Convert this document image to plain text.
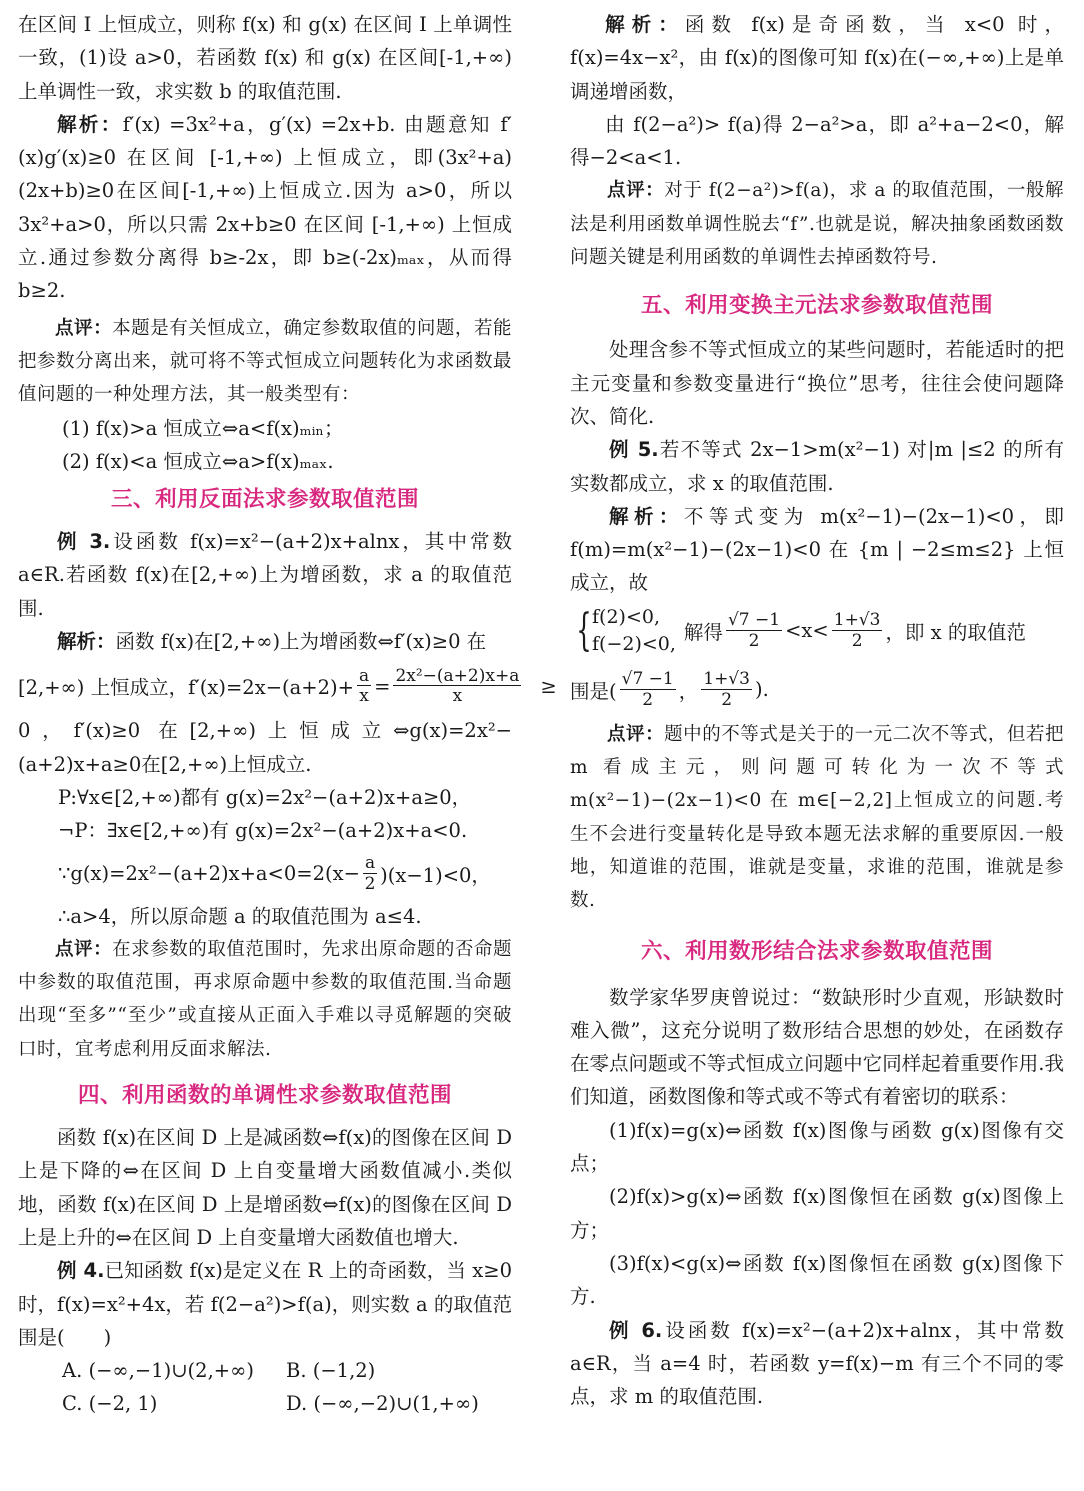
在区间 I 上恒成立，则称 f(x) 和 g(x) 在区间 I 上单调性一致，(1)设 a>0，若函数 f(x) 和 g(x) 在区间[-1,+∞)上单调性一致，求实数 b 的取值范围.

解析：f′(x) =3x²+a，g′(x) =2x+b. 由题意知 f′(x)g′(x)≥0 在区间 [-1,+∞) 上恒成立，即(3x²+a)(2x+b)≥0在区间[-1,+∞)上恒成立.因为 a>0，所以 3x²+a>0，所以只需 2x+b≥0 在区间 [-1,+∞) 上恒成立.通过参数分离得 b≥-2x，即 b≥(-2x)ₘₐₓ，从而得 b≥2.

点评：本题是有关恒成立，确定参数取值的问题，若能把参数分离出来，就可将不等式恒成立问题转化为求函数最值问题的一种处理方法，其一般类型有：

(1) f(x)>a 恒成立⇔a<f(x)ₘᵢₙ；

(2) f(x)<a 恒成立⇔a>f(x)ₘₐₓ.

三、利用反面法求参数取值范围

例 3.设函数 f(x)=x²−(a+2)x+alnx，其中常数 a∈R.若函数 f(x)在[2,+∞)上为增函数，求 a 的取值范围.

解析：函数 f(x)在[2,+∞)上为增函数⇔f′(x)≥0 在

[2,+∞) 上恒成立，$f'(x)=2x-(a+2)+ \frac{a}{x} = \frac{\text{2x²−(a+2)x+a}}{x}$ ≥

0，f′(x)≥0 在[2,+∞)上恒成立⇔g(x)=2x²−(a+2)x+a≥0在[2,+∞)上恒成立.

P:∀x∈[2,+∞)都有 g(x)=2x²−(a+2)x+a≥0，

¬P：∃x∈[2,+∞)有 g(x)=2x²−(a+2)x+a<0.

∵g(x)=2x²−(a+2)x+a<0=2(x− $\frac{a}{2} )(x-1)<0$，

∴a>4，所以原命题 a 的取值范围为 a≤4.

点评：在求参数的取值范围时，先求出原命题的否命题中参数的取值范围，再求原命题中参数的取值范围.当命题出现“至多”“至少”或直接从正面入手难以寻觅解题的突破口时，宜考虑利用反面求解法.

四、利用函数的单调性求参数取值范围

函数 f(x)在区间 D 上是减函数⇔f(x)的图像在区间 D 上是下降的⇔在区间 D 上自变量增大函数值减小.类似地，函数 f(x)在区间 D 上是增函数⇔f(x)的图像在区间 D 上是上升的⇔在区间 D 上自变量增大函数值也增大.

例 4.已知函数 f(x)是定义在 R 上的奇函数，当 x≥0 时，f(x)=x²+4x，若 f(2−a²)>f(a)，则实数 a 的取值范围是(　　)

A. (−∞,−1)∪(2,+∞)	B. (−1,2)
C. (−2, 1)	D. (−∞,−2)∪(1,+∞)

解析：函数 f(x)是奇函数，当 x<0 时，f(x)=4x−x²，由 f(x)的图像可知 f(x)在(−∞,+∞)上是单调递增函数，

由 f(2−a²)> f(a)得 2−a²>a，即 a²+a−2<0，解得−2<a<1.

点评：对于 f(2−a²)>f(a)，求 a 的取值范围，一般解法是利用函数单调性脱去“f”.也就是说，解决抽象函数函数问题关键是利用函数的单调性去掉函数符号.

五、利用变换主元法求参数取值范围

处理含参不等式恒成立的某些问题时，若能适时的把主元变量和参数变量进行“换位”思考，往往会使问题降次、简化.

例 5.若不等式 2x−1>m(x²−1) 对|m |≤2 的所有实数都成立，求 x 的取值范围.

解析：不等式变为 m(x²−1)−(2x−1)<0，即 f(m)=m(x²−1)−(2x−1)<0 在 {m | −2≤m≤2} 上恒成立，故

{ f(2)<0,
f(−2)<0, 解得 $\frac{√7 -1}{2} <x< \frac{1+√3}{2}$ ，即 x 的取值范
围是( $\frac{√7 -1}{2}$ ， $\frac{1+√3}{2}$ ).

点评：题中的不等式是关于的一元二次不等式，但若把 m 看成主元，则问题可转化为一次不等式 m(x²−1)−(2x−1)<0 在 m∈[−2,2]上恒成立的问题.考生不会进行变量转化是导致本题无法求解的重要原因.一般地，知道谁的范围，谁就是变量，求谁的范围，谁就是参数.

六、利用数形结合法求参数取值范围

数学家华罗庚曾说过：“数缺形时少直观，形缺数时难入微”，这充分说明了数形结合思想的妙处，在函数存在零点问题或不等式恒成立问题中它同样起着重要作用.我们知道，函数图像和等式或不等式有着密切的联系：

(1)f(x)=g(x)⇔函数 f(x)图像与函数 g(x)图像有交点；

(2)f(x)>g(x)⇔函数 f(x)图像恒在函数 g(x)图像上方；

(3)f(x)<g(x)⇔函数 f(x)图像恒在函数 g(x)图像下方.

例 6.设函数 f(x)=x²−(a+2)x+alnx，其中常数 a∈R，当 a=4 时，若函数 y=f(x)−m 有三个不同的零点，求 m 的取值范围.
